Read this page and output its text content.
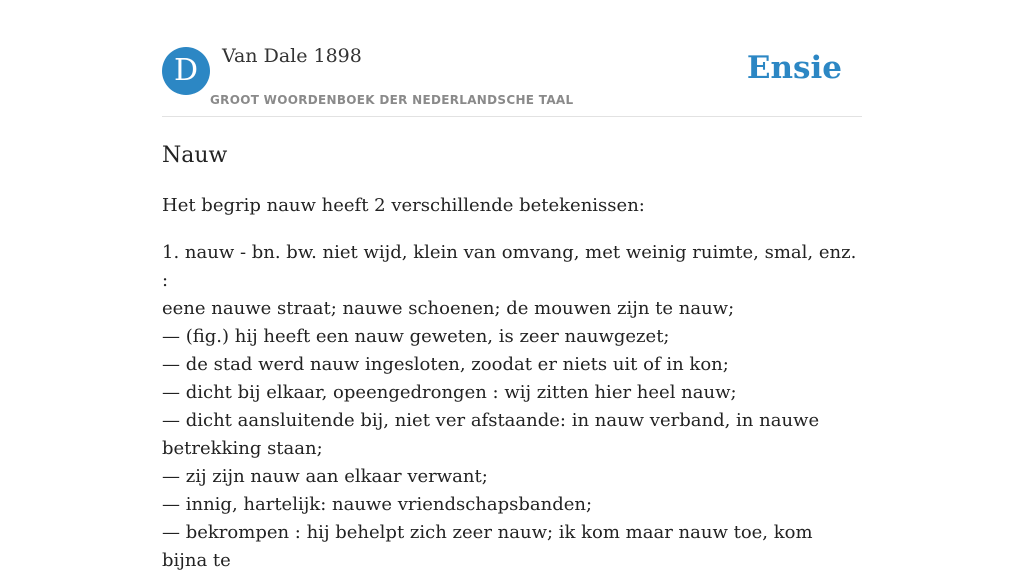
D	Van Dale 1898
GROOT WOORDENBOEK DER NEDERLANDSCHE TAAL
Ensie
Nauw

Het begrip nauw heeft 2 verschillende betekenissen:

1. nauw - bn. bw. niet wijd, klein van omvang, met weinig ruimte, smal, enz. :
eene nauwe straat; nauwe schoenen; de mouwen zijn te nauw;
— (fig.) hij heeft een nauw geweten, is zeer nauwgezet;
— de stad werd nauw ingesloten, zoodat er niets uit of in kon;
— dicht bij elkaar, opeengedrongen : wij zitten hier heel nauw;
— dicht aansluitende bij, niet ver afstaande: in nauw verband, in nauwe
betrekking staan;
— zij zijn nauw aan elkaar verwant;
— innig, hartelijk: nauwe vriendschapsbanden;
— bekrompen : hij behelpt zich zeer nauw; ik kom maar nauw toe, kom bijna te
